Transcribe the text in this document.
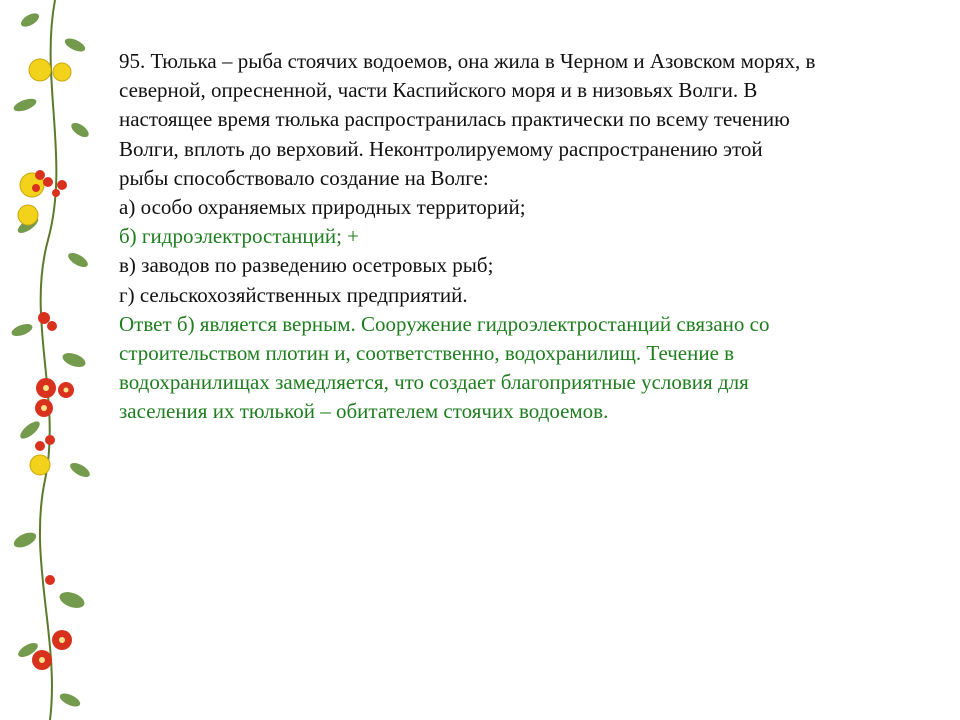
95. Тюлька – рыба стоячих водоемов, она жила в Черном и Азовском морях, в
северной, опресненной, части Каспийского моря и в низовьях Волги. В
настоящее время тюлька распространилась практически по всему течению
Волги, вплоть до верховий. Неконтролируемому распространению этой
рыбы способствовало создание на Волге:
а) особо охраняемых природных территорий;
б) гидроэлектростанций; +
в) заводов по разведению осетровых рыб;
г) сельскохозяйственных предприятий.
Ответ б) является верным. Сооружение гидроэлектростанций связано со
строительством плотин и, соответственно, водохранилищ. Течение в
водохранилищах замедляется, что создает благоприятные условия для
заселения их тюлькой – обитателем стоячих водоемов.
